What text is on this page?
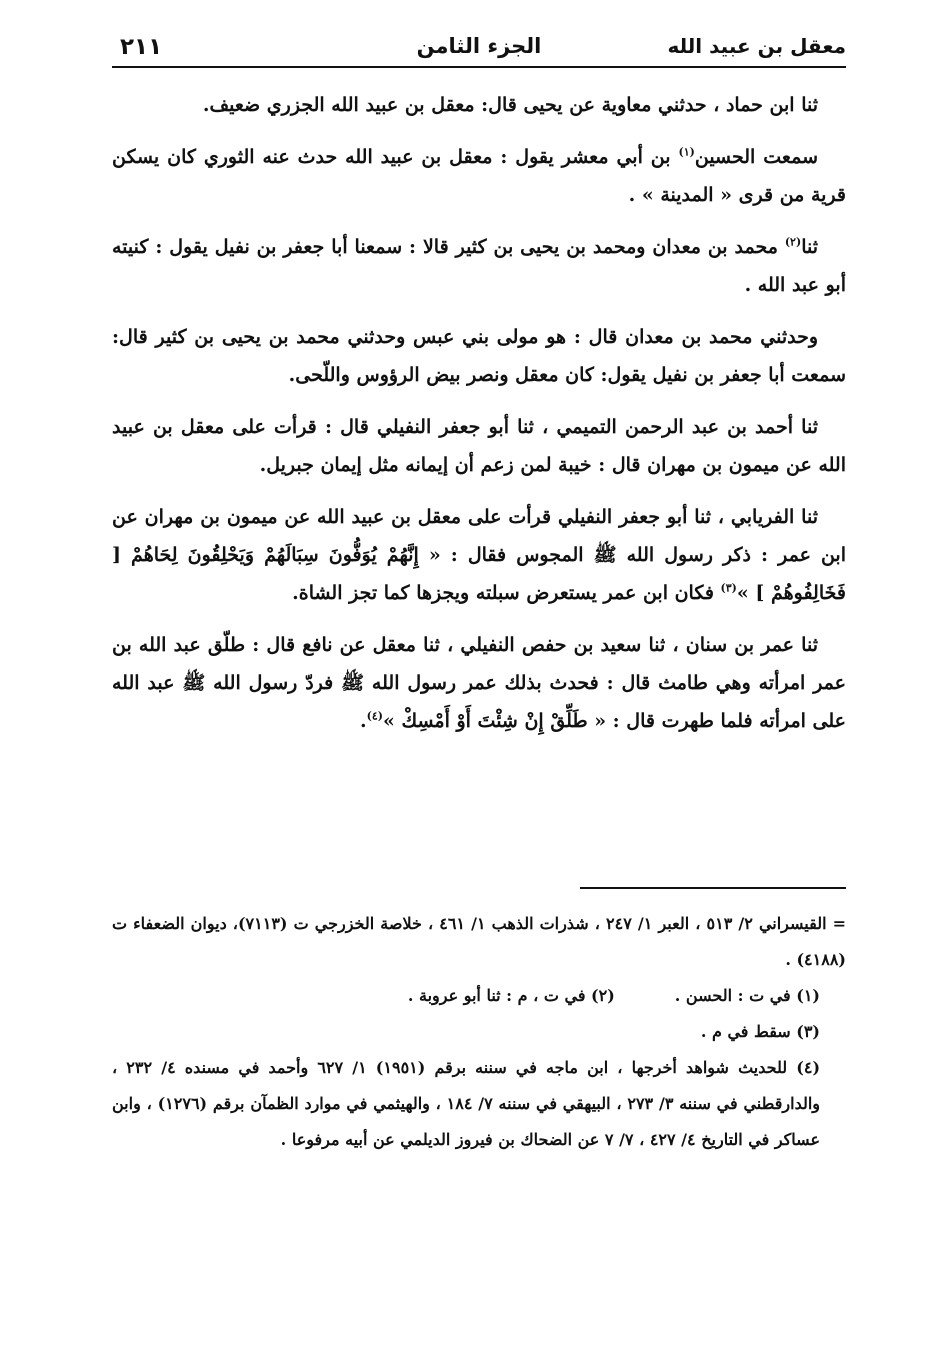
معقل بن عبيد الله
الجزء الثامن
٢١١

ثنا ابن حماد ، حدثني معاوية عن يحيى قال: معقل بن عبيد الله الجزري ضعيف.

سمعت الحسين$^{(١)}$ بن أبي معشر يقول : معقل بن عبيد الله حدث عنه الثوري كان يسكن قرية من قرى « المدينة » .

ثنا$^{(٢)}$ محمد بن معدان ومحمد بن يحيى بن كثير قالا : سمعنا أبا جعفر بن نفيل يقول : كنيته أبو عبد الله .

وحدثني محمد بن معدان قال : هو مولى بني عبس وحدثني محمد بن يحيى بن كثير قال: سمعت أبا جعفر بن نفيل يقول: كان معقل ونصر بيض الرؤوس واللّحى.

ثنا أحمد بن عبد الرحمن التميمي ، ثنا أبو جعفر النفيلي قال : قرأت على معقل بن عبيد الله عن ميمون بن مهران قال : خيبة لمن زعم أن إيمانه مثل إيمان جبريل.

ثنا الفريابي ، ثنا أبو جعفر النفيلي قرأت على معقل بن عبيد الله عن ميمون بن مهران عن ابن عمر : ذكر رسول الله ﷺ المجوس فقال : « إِنَّهُمْ يُوَفُّونَ سِبَالَهُمْ وَيَحْلِقُونَ لِحَاهُمْ [ فَخَالِفُوهُمْ ] »$^{(٣)}$ فكان ابن عمر يستعرض سبلته ويجزها كما تجز الشاة.

ثنا عمر بن سنان ، ثنا سعيد بن حفص النفيلي ، ثنا معقل عن نافع قال : طلّق عبد الله بن عمر امرأته وهي طامث قال : فحدث بذلك عمر رسول الله ﷺ فردّ رسول الله ﷺ عبد الله على امرأته فلما طهرت قال : « طَلِّقْ إِنْ شِئْتَ أَوْ أَمْسِكْ »$^{(٤)}$.

= القيسراني ٢/ ٥١٣ ، العبر ١/ ٢٤٧ ، شذرات الذهب ١/ ٤٦١ ، خلاصة الخزرجي ت (٧١١٣)، ديوان الضعفاء ت (٤١٨٨) .

(١) في ت : الحسن .(٢) في ت ، م : ثنا أبو عروبة .

(٣) سقط في م .

(٤) للحديث شواهد أخرجها ، ابن ماجه في سننه برقم (١٩٥١) ١/ ٦٢٧ وأحمد في مسنده ٤/ ٢٣٢ ، والدارقطني في سننه ٣/ ٢٧٣ ، البيهقي في سننه ٧/ ١٨٤ ، والهيثمي في موارد الظمآن برقم (١٢٧٦) ، وابن عساكر في التاريخ ٤/ ٤٢٧ ، ٧/ ٧ عن الضحاك بن فيروز الديلمي عن أبيه مرفوعا .
